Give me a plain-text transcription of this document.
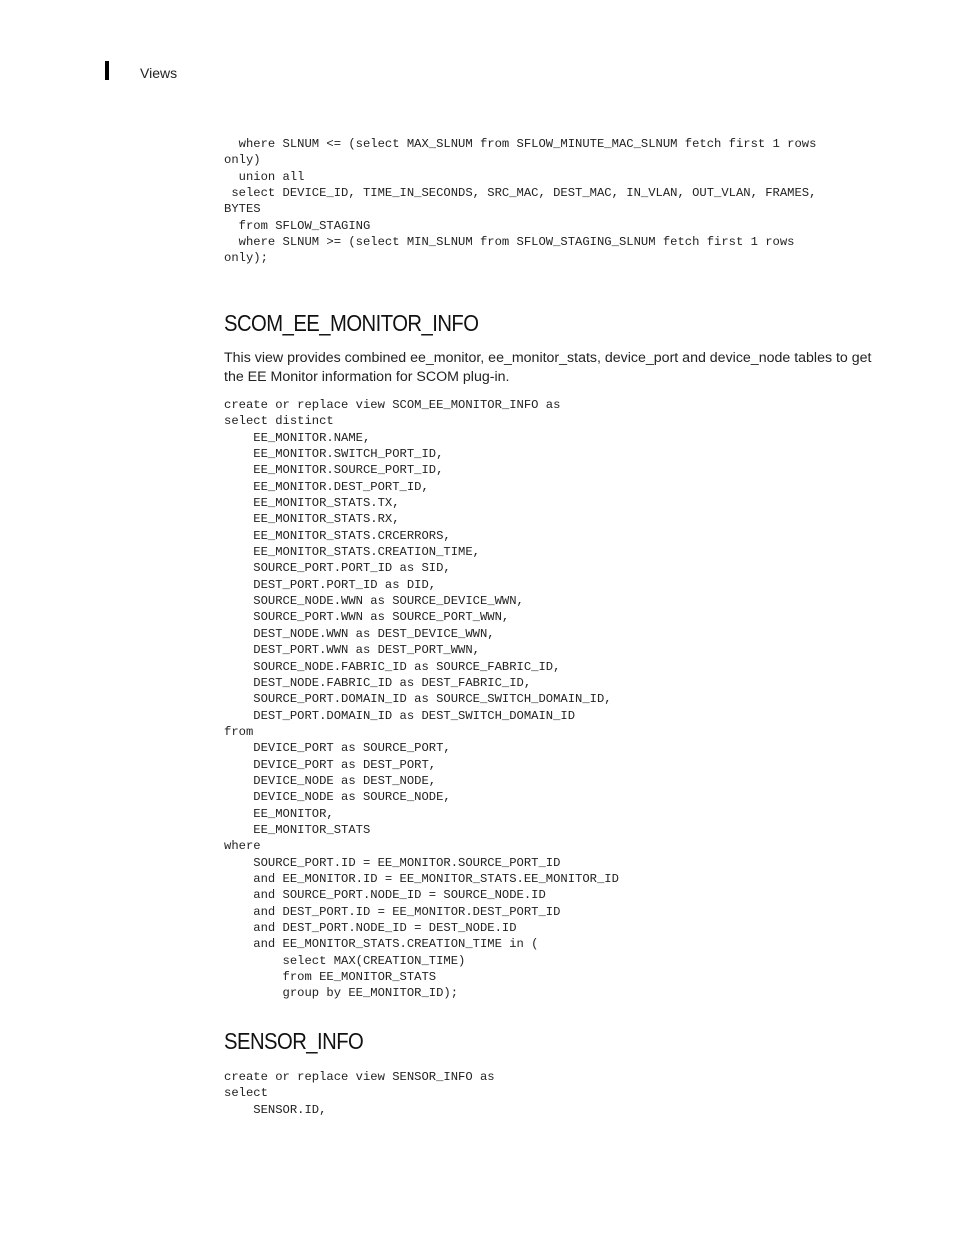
Views
where SLNUM <= (select MAX_SLNUM from SFLOW_MINUTE_MAC_SLNUM fetch first 1 rows
only)
union all
select DEVICE_ID, TIME_IN_SECONDS, SRC_MAC, DEST_MAC, IN_VLAN, OUT_VLAN, FRAMES,
BYTES
from SFLOW_STAGING
where SLNUM >= (select MIN_SLNUM from SFLOW_STAGING_SLNUM fetch first 1 rows
only);
SCOM_EE_MONITOR_INFO

This view provides combined ee_monitor, ee_monitor_stats, device_port and device_node tables to get the EE Monitor information for SCOM plug-in.

create or replace view SCOM_EE_MONITOR_INFO as
select distinct
EE_MONITOR.NAME,
EE_MONITOR.SWITCH_PORT_ID,
EE_MONITOR.SOURCE_PORT_ID,
EE_MONITOR.DEST_PORT_ID,
EE_MONITOR_STATS.TX,
EE_MONITOR_STATS.RX,
EE_MONITOR_STATS.CRCERRORS,
EE_MONITOR_STATS.CREATION_TIME,
SOURCE_PORT.PORT_ID as SID,
DEST_PORT.PORT_ID as DID,
SOURCE_NODE.WWN as SOURCE_DEVICE_WWN,
SOURCE_PORT.WWN as SOURCE_PORT_WWN,
DEST_NODE.WWN as DEST_DEVICE_WWN,
DEST_PORT.WWN as DEST_PORT_WWN,
SOURCE_NODE.FABRIC_ID as SOURCE_FABRIC_ID,
DEST_NODE.FABRIC_ID as DEST_FABRIC_ID,
SOURCE_PORT.DOMAIN_ID as SOURCE_SWITCH_DOMAIN_ID,
DEST_PORT.DOMAIN_ID as DEST_SWITCH_DOMAIN_ID
from
DEVICE_PORT as SOURCE_PORT,
DEVICE_PORT as DEST_PORT,
DEVICE_NODE as DEST_NODE,
DEVICE_NODE as SOURCE_NODE,
EE_MONITOR,
EE_MONITOR_STATS
where
SOURCE_PORT.ID = EE_MONITOR.SOURCE_PORT_ID
and EE_MONITOR.ID = EE_MONITOR_STATS.EE_MONITOR_ID
and SOURCE_PORT.NODE_ID = SOURCE_NODE.ID
and DEST_PORT.ID = EE_MONITOR.DEST_PORT_ID
and DEST_PORT.NODE_ID = DEST_NODE.ID
and EE_MONITOR_STATS.CREATION_TIME in (
select MAX(CREATION_TIME)
from EE_MONITOR_STATS
group by EE_MONITOR_ID);
SENSOR_INFO
create or replace view SENSOR_INFO as
select
SENSOR.ID,
